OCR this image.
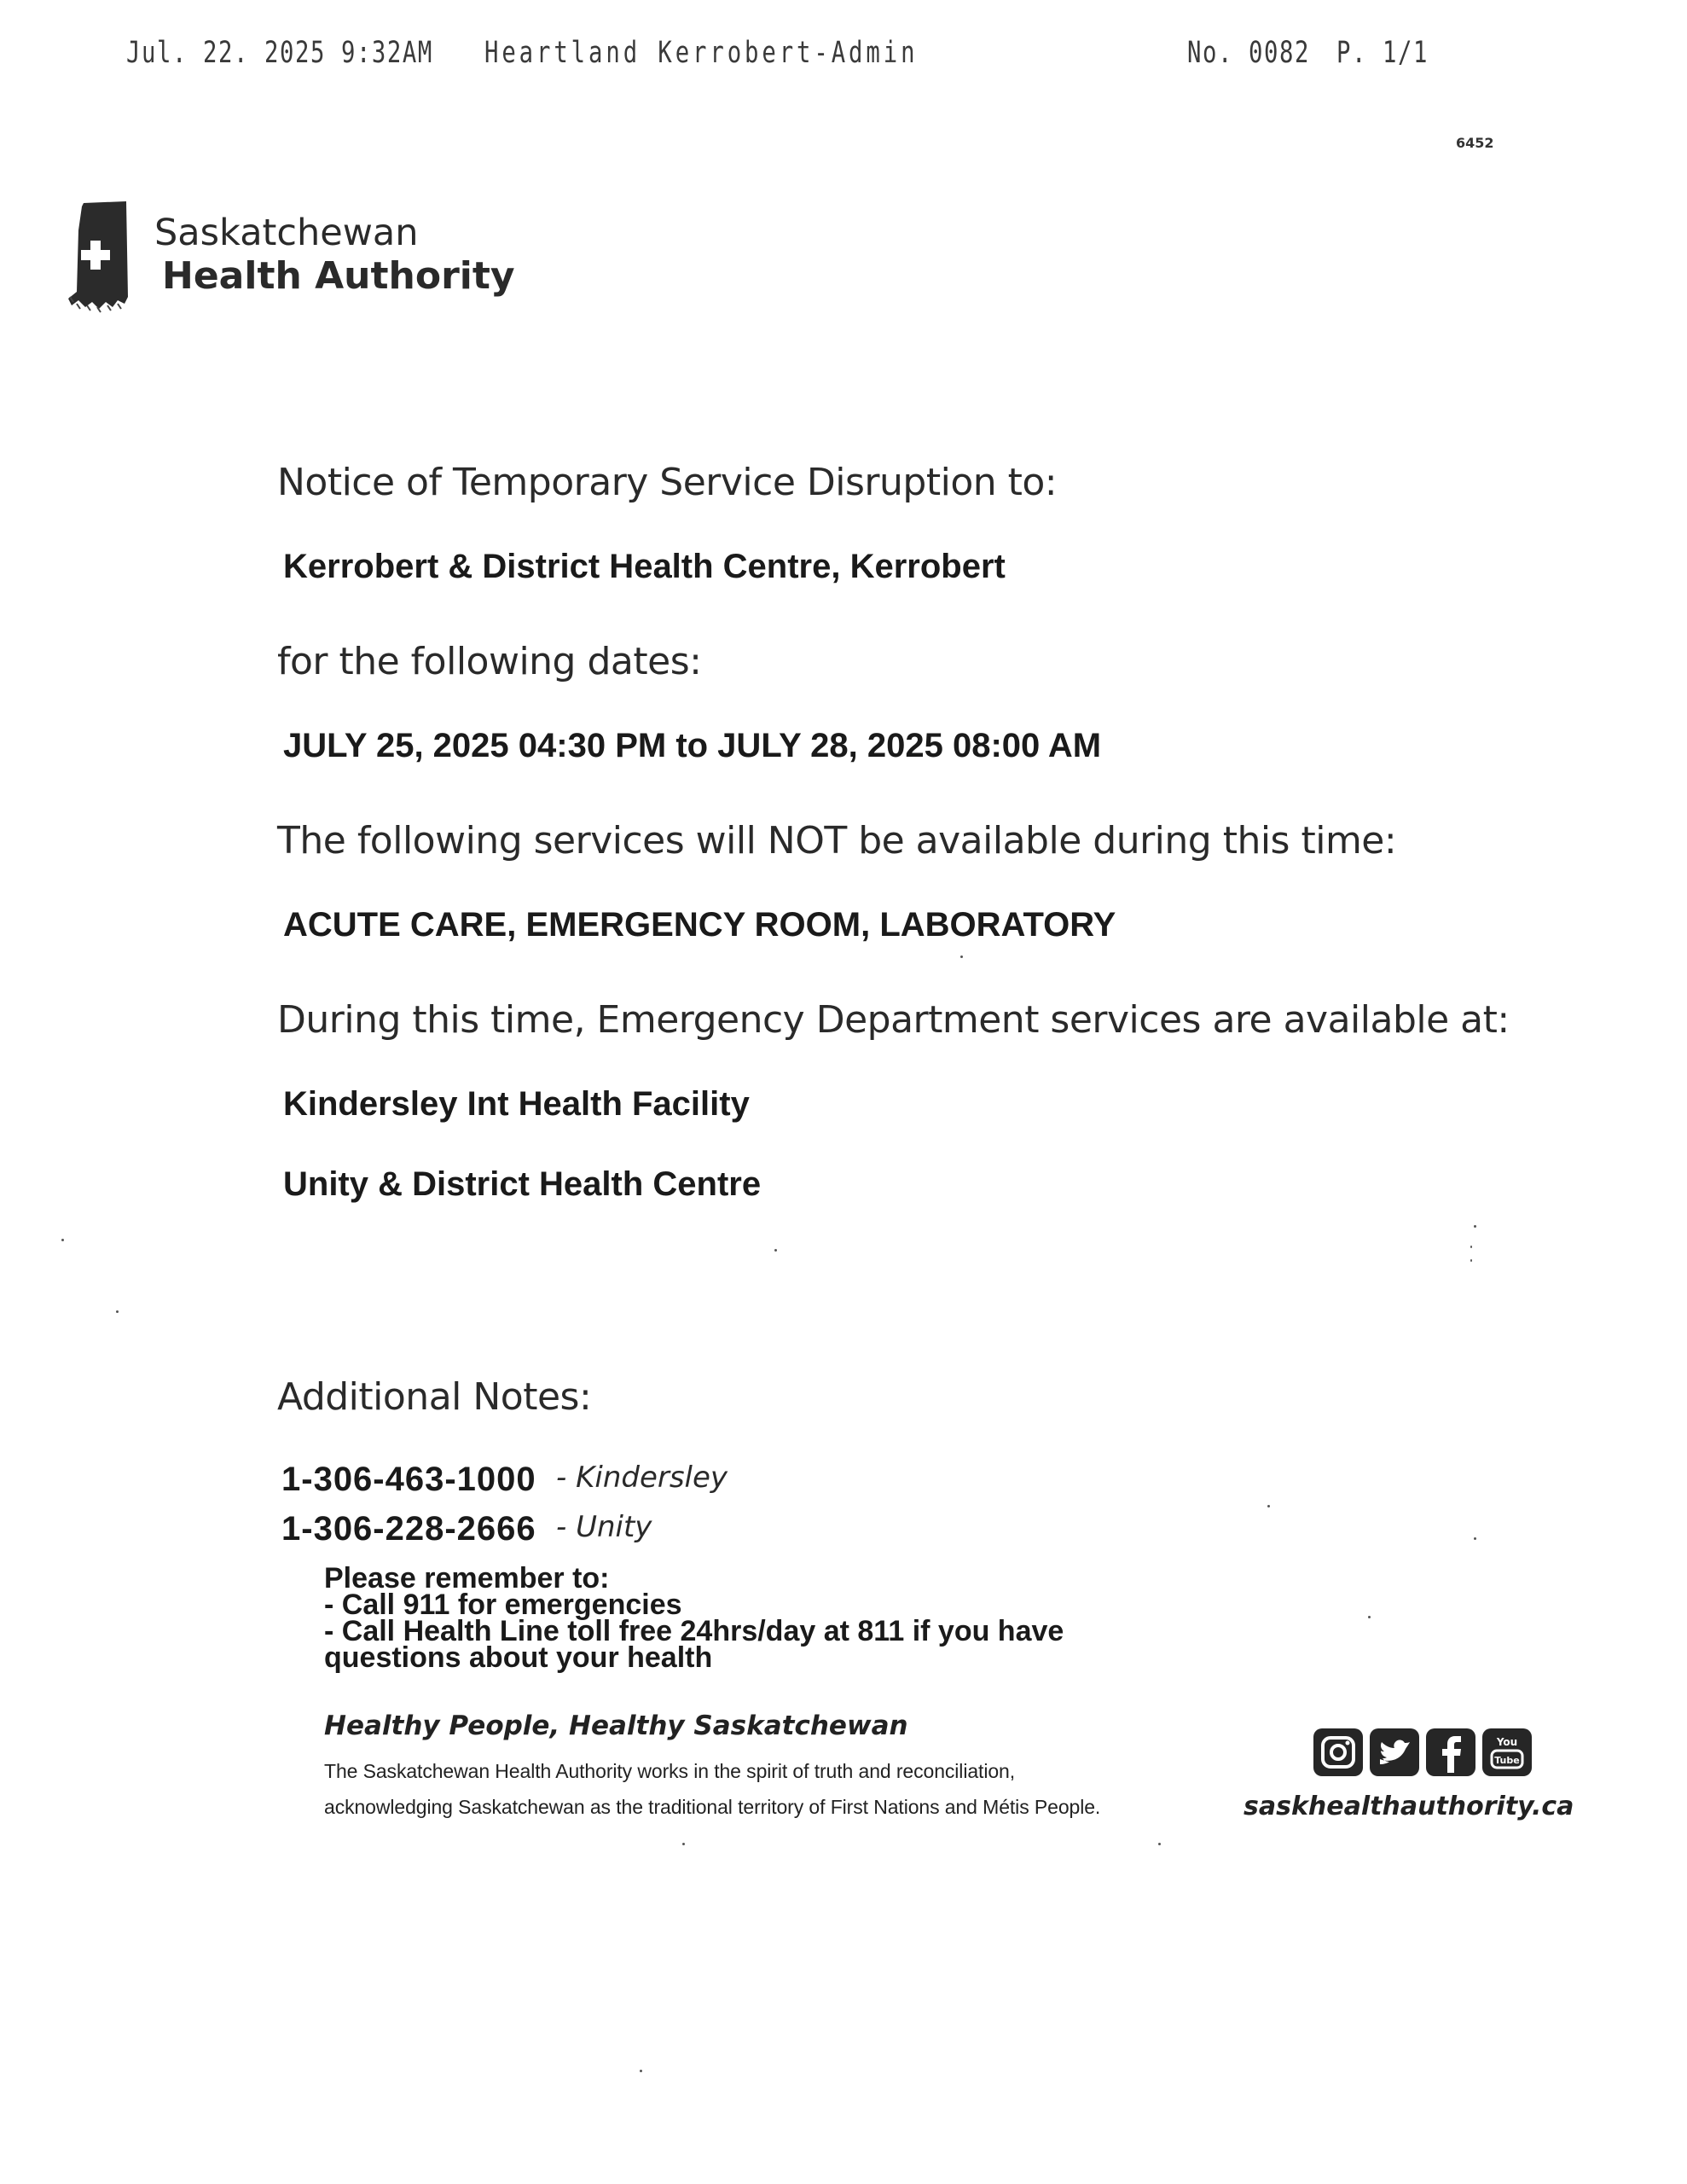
Jul. 22. 2025 9:32AM Heartland Kerrobert-Admin	No. 0082 P. 1/1
6452
Saskatchewan
Health Authority
Notice of Temporary Service Disruption to:
Kerrobert & District Health Centre, Kerrobert
for the following dates:
JULY 25, 2025 04:30 PM to JULY 28, 2025 08:00 AM
The following services will NOT be available during this time:
ACUTE CARE, EMERGENCY ROOM, LABORATORY
During this time, Emergency Department services are available at:
Kindersley Int Health Facility
Unity & District Health Centre
Additional Notes:
1-306-463-1000 - Kindersley
1-306-228-2666 - Unity
Please remember to:
- Call 911 for emergencies
- Call Health Line toll free 24hrs/day at 811 if you have
questions about your health
Healthy People, Healthy Saskatchewan
The Saskatchewan Health Authority works in the spirit of truth and reconciliation,
acknowledging Saskatchewan as the traditional territory of First Nations and Métis People.
You
Tube
saskhealthauthority.ca
